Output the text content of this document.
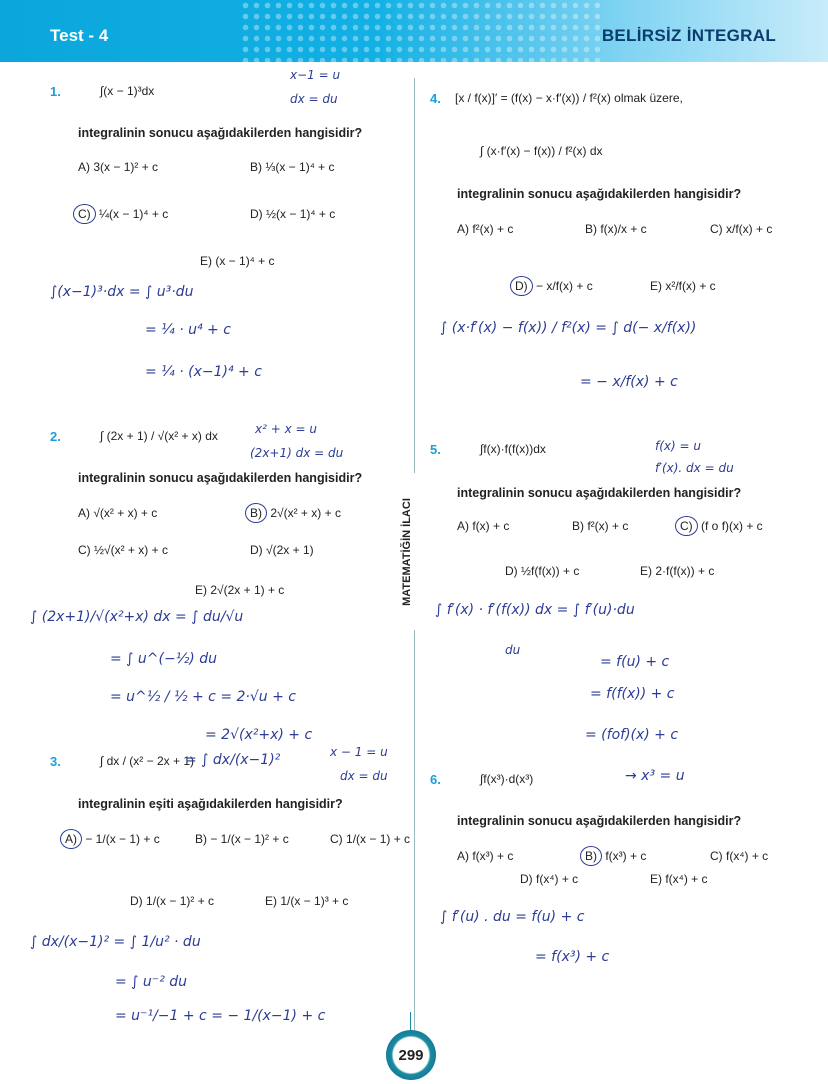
Test - 4	BELİRSİZ İNTEGRAL
MATEMATİĞİN İLACI
299
1.	∫(x − 1)³dx
integralinin sonucu aşağıdakilerden hangisidir?
A) 3(x − 1)² + c	B) ⅓(x − 1)⁴ + c
C) ¼(x − 1)⁴ + c	D) ½(x − 1)⁴ + c
E) (x − 1)⁴ + c
x−1 = u
dx = du
∫(x−1)³·dx = ∫ u³·du
= ¼ · u⁴ + c
= ¼ · (x−1)⁴ + c
2.	∫ (2x + 1) / √(x² + x) dx
integralinin sonucu aşağıdakilerden hangisidir?
A) √(x² + x) + c	B) 2√(x² + x) + c
C) ½√(x² + x) + c	D) √(2x + 1)
E) 2√(2x + 1) + c
x² + x = u
(2x+1) dx = du
∫ (2x+1)/√(x²+x) dx = ∫ du/√u
= ∫ u^(−½) du
= u^½ / ½ + c = 2·√u + c
= 2√(x²+x) + c
3.	∫ dx / (x² − 2x + 1)
integralinin eşiti aşağıdakilerden hangisidir?
A) − 1/(x − 1) + c	B) − 1/(x − 1)² + c	C) 1/(x − 1) + c
D) 1/(x − 1)² + c	E) 1/(x − 1)³ + c
= ∫ dx/(x−1)²	x − 1 = u
dx = du
∫ dx/(x−1)² = ∫ 1/u² · du
= ∫ u⁻² du
= u⁻¹/−1 + c = − 1/(x−1) + c
4. [x / f(x)]′ = (f(x) − x·f′(x)) / f²(x) olmak üzere,
∫ (x·f′(x) − f(x)) / f²(x) dx
integralinin sonucu aşağıdakilerden hangisidir?
A) f²(x) + c	B) f(x)/x + c	C) x/f(x) + c
D) − x/f(x) + c	E) x²/f(x) + c
∫ (x·f′(x) − f(x)) / f²(x) = ∫ d(− x/f(x))
= − x/f(x) + c
5.	∫f(x)·f(f(x))dx
integralinin sonucu aşağıdakilerden hangisidir?
A) f(x) + c	B) f²(x) + c	C) (f o f)(x) + c
D) ½f(f(x)) + c	E) 2·f(f(x)) + c
f(x) = u
f′(x). dx = du
∫ f′(x) · f′(f(x)) dx = ∫ f′(u)·du
du
= f(u) + c
= f(f(x)) + c
= (fof)(x) + c
6.	∫f(x³)·d(x³)
integralinin sonucu aşağıdakilerden hangisidir?
A) f(x³) + c	B) f(x³) + c	C) f(x⁴) + c
D) f(x⁴) + c	E) f(x⁴) + c
→ x³ = u
∫ f′(u) . du = f(u) + c
= f(x³) + c
